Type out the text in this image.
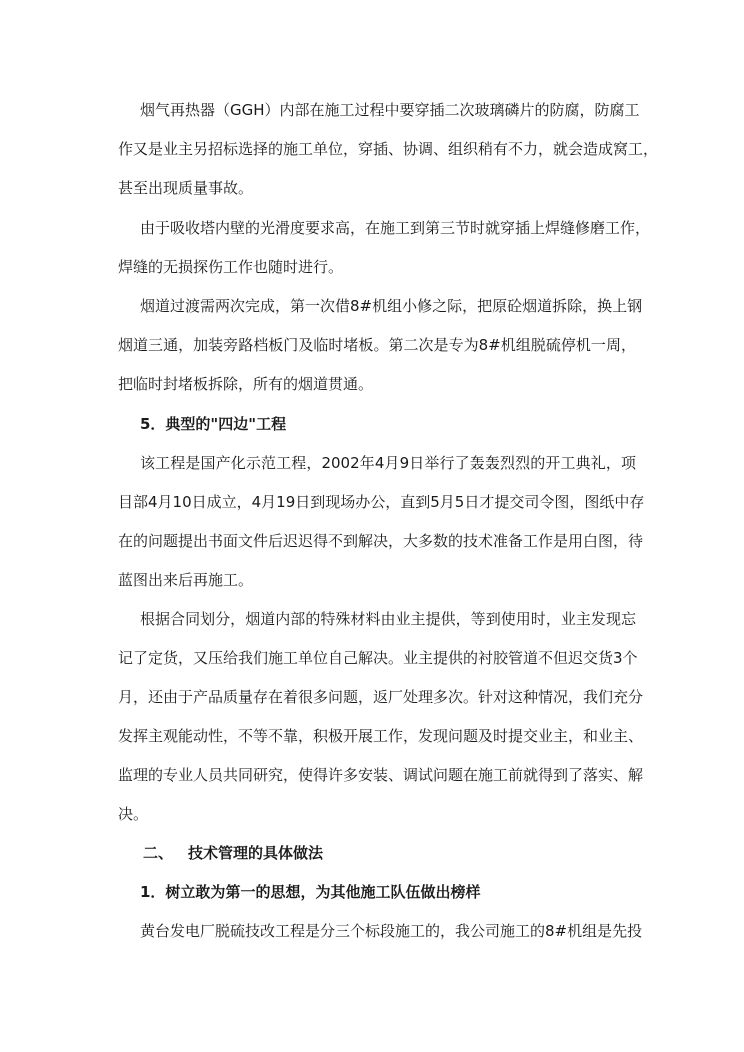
烟气再热器（GGH）内部在施工过程中要穿插二次玻璃磷片的防腐，防腐工
作又是业主另招标选择的施工单位，穿插、协调、组织稍有不力，就会造成窝工，
甚至出现质量事故。
由于吸收塔内壁的光滑度要求高，在施工到第三节时就穿插上焊缝修磨工作，
焊缝的无损探伤工作也随时进行。
烟道过渡需两次完成，第一次借8#机组小修之际，把原砼烟道拆除，换上钢
烟道三通，加装旁路档板门及临时堵板。第二次是专为8#机组脱硫停机一周，
把临时封堵板拆除，所有的烟道贯通。
5．典型的"四边"工程
该工程是国产化示范工程，2002年4月9日举行了轰轰烈烈的开工典礼，项
目部4月10日成立，4月19日到现场办公，直到5月5日才提交司令图，图纸中存
在的问题提出书面文件后迟迟得不到解决，大多数的技术准备工作是用白图，待
蓝图出来后再施工。
根据合同划分，烟道内部的特殊材料由业主提供，等到使用时，业主发现忘
记了定货，又压给我们施工单位自己解决。业主提供的衬胶管道不但迟交货3个
月，还由于产品质量存在着很多问题，返厂处理多次。针对这种情况，我们充分
发挥主观能动性，不等不靠，积极开展工作，发现问题及时提交业主，和业主、
监理的专业人员共同研究，使得许多安装、调试问题在施工前就得到了落实、解
决。
二、 技术管理的具体做法
1．树立敢为第一的思想，为其他施工队伍做出榜样
黄台发电厂脱硫技改工程是分三个标段施工的，我公司施工的8#机组是先投
